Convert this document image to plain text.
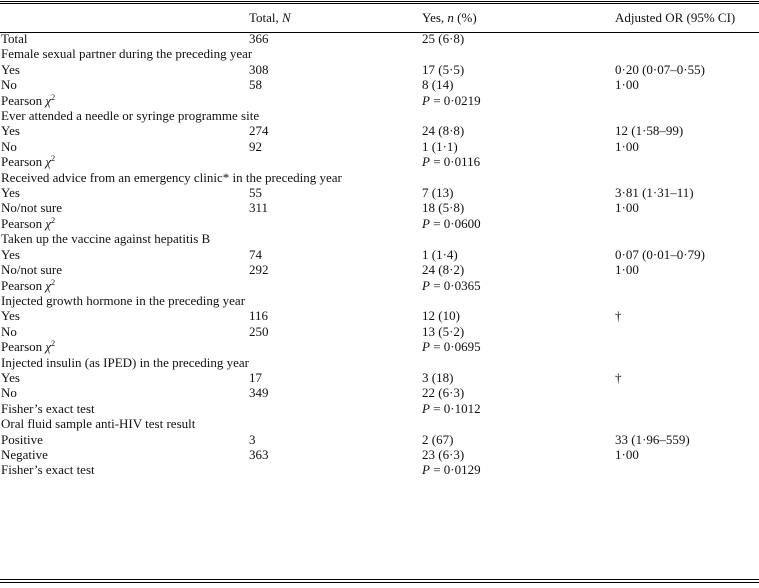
	Total, N	Yes, n (%)	Adjusted OR (95% CI)
Total	366	25 (6·8)	
Female sexual partner during the preceding year			
Yes	308	17 (5·5)	0·20 (0·07–0·55)
No	58	8 (14)	1·00
Pearson $\chi^2$		P = 0·0219	
Ever attended a needle or syringe programme site			
Yes	274	24 (8·8)	12 (1·58–99)
No	92	1 (1·1)	1·00
Pearson $\chi^2$		P = 0·0116	
Received advice from an emergency clinic* in the preceding year			
Yes	55	7 (13)	3·81 (1·31–11)
No/not sure	311	18 (5·8)	1·00
Pearson $\chi^2$		P = 0·0600	
Taken up the vaccine against hepatitis B			
Yes	74	1 (1·4)	0·07 (0·01–0·79)
No/not sure	292	24 (8·2)	1·00
Pearson $\chi^2$		P = 0·0365	
Injected growth hormone in the preceding year			
Yes	116	12 (10)	†
No	250	13 (5·2)	
Pearson $\chi^2$		P = 0·0695	
Injected insulin (as IPED) in the preceding year			
Yes	17	3 (18)	†
No	349	22 (6·3)	
Fisher’s exact test		P = 0·1012	
Oral fluid sample anti-HIV test result			
Positive	3	2 (67)	33 (1·96–559)
Negative	363	23 (6·3)	1·00
Fisher’s exact test		P = 0·0129	
